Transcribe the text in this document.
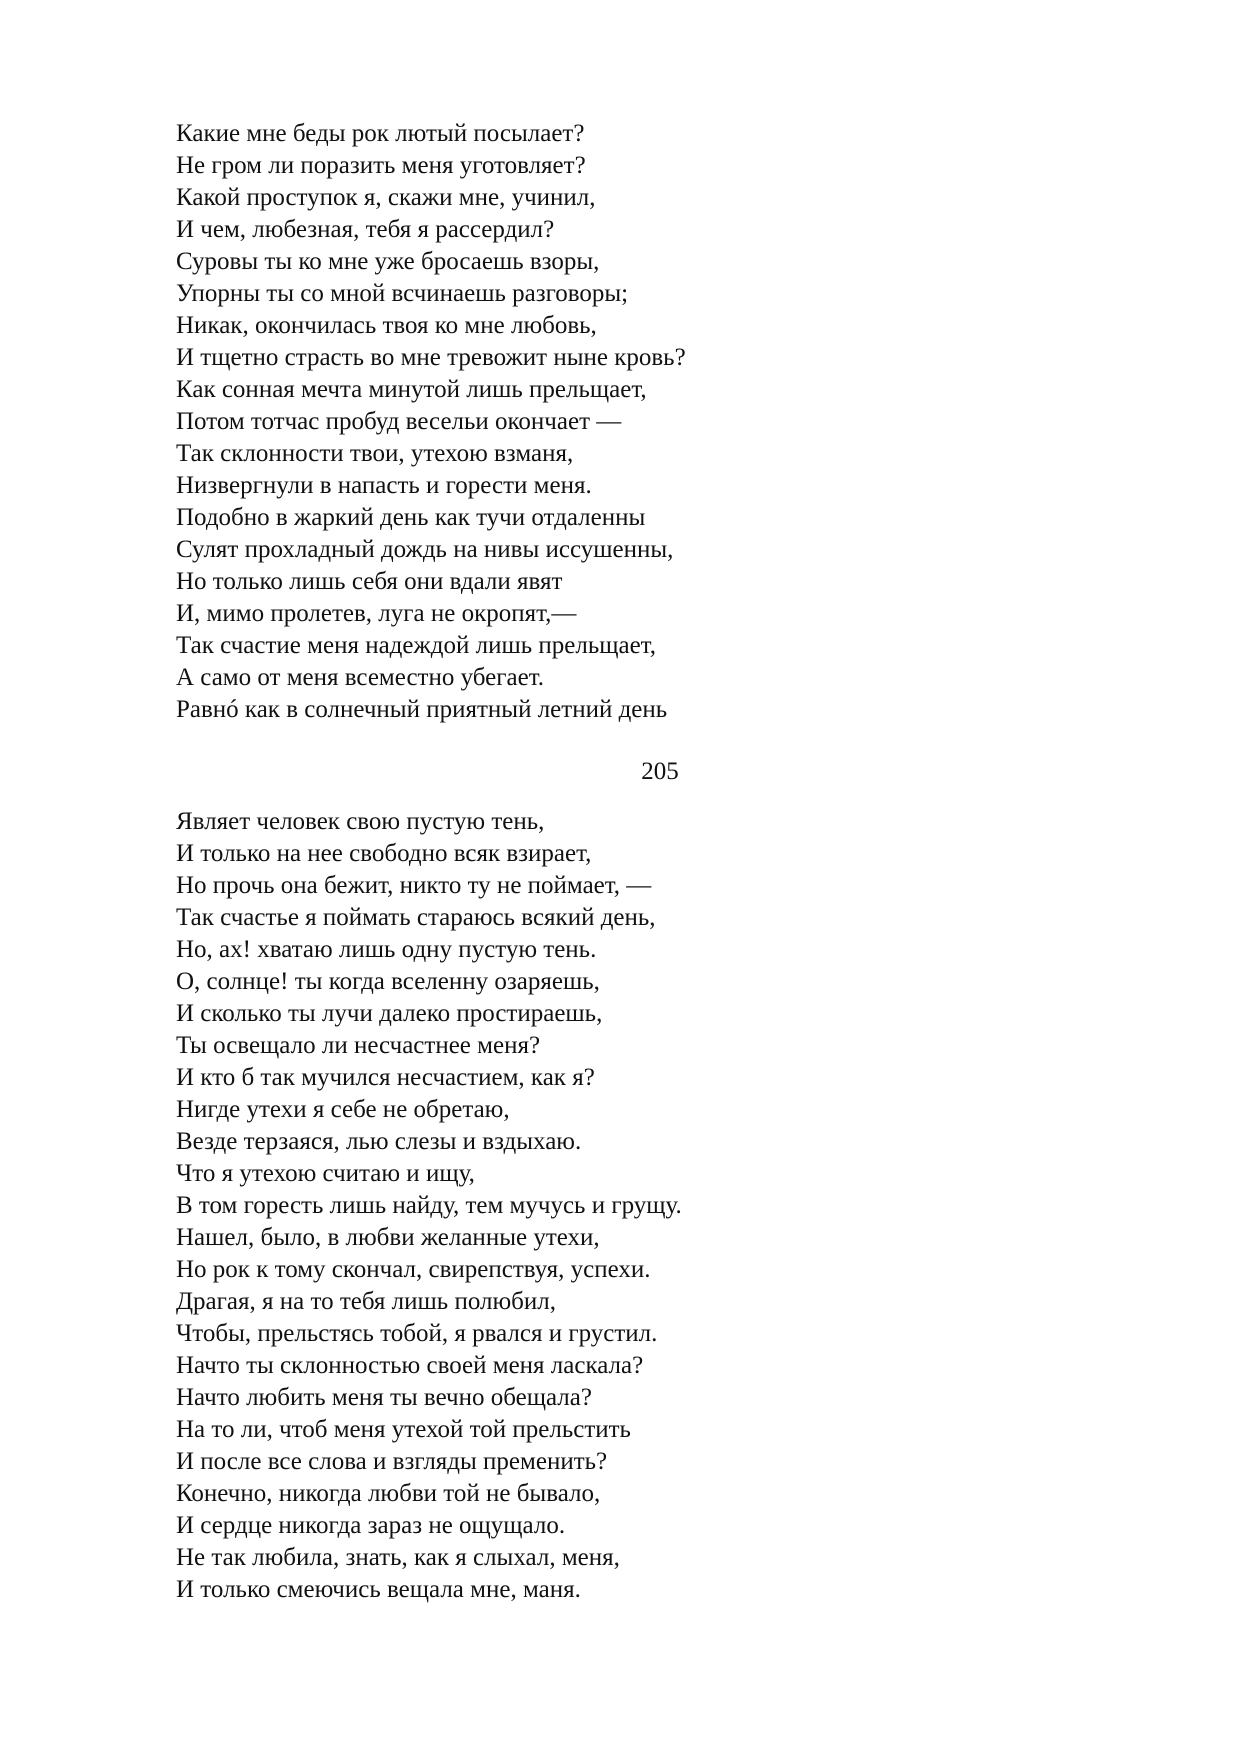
Какие мне беды рок лютый посылает?
Не гром ли поразить меня уготовляет?
Какой проступок я, скажи мне, учинил,
И чем, любезная, тебя я рассердил?
Суровы ты ко мне уже бросаешь взоры,
Упорны ты со мной всчинаешь разговоры;
Никак, окончилась твоя ко мне любовь,
И тщетно страсть во мне тревожит ныне кровь?
Как сонная мечта минутой лишь прельщает,
Потом тотчас пробуд весельи окончает —
Так склонности твои, утехою взманя,
Низвергнули в напасть и горести меня.
Подобно в жаркий день как тучи отдаленны
Сулят прохладный дождь на нивы иссушенны,
Но только лишь себя они вдали явят
И, мимо пролетев, луга не окропят,—
Так счастие меня надеждой лишь прельщает,
А само от меня всеместно убегает.
Равнó как в солнечный приятный летний день
205
Являет человек свою пустую тень,
И только на нее свободно всяк взирает,
Но прочь она бежит, никто ту не поймает, —
Так счастье я поймать стараюсь всякий день,
Но, ах! хватаю лишь одну пустую тень.
О, солнце! ты когда вселенну озаряешь,
И сколько ты лучи далеко простираешь,
Ты освещало ли несчастнее меня?
И кто б так мучился несчастием, как я?
Нигде утехи я себе не обретаю,
Везде терзаяся, лью слезы и вздыхаю.
Что я утехою считаю и ищу,
В том горесть лишь найду, тем мучусь и грущу.
Нашел, было, в любви желанные утехи,
Но рок к тому скончал, свирепствуя, успехи.
Драгая, я на то тебя лишь полюбил,
Чтобы, прельстясь тобой, я рвался и грустил.
Начто ты склонностью своей меня ласкала?
Начто любить меня ты вечно обещала?
На то ли, чтоб меня утехой той прельстить
И после все слова и взгляды пременить?
Конечно, никогда любви той не бывало,
И сердце никогда зараз не ощущало.
Не так любила, знать, как я слыхал, меня,
И только смеючись вещала мне, маня.
